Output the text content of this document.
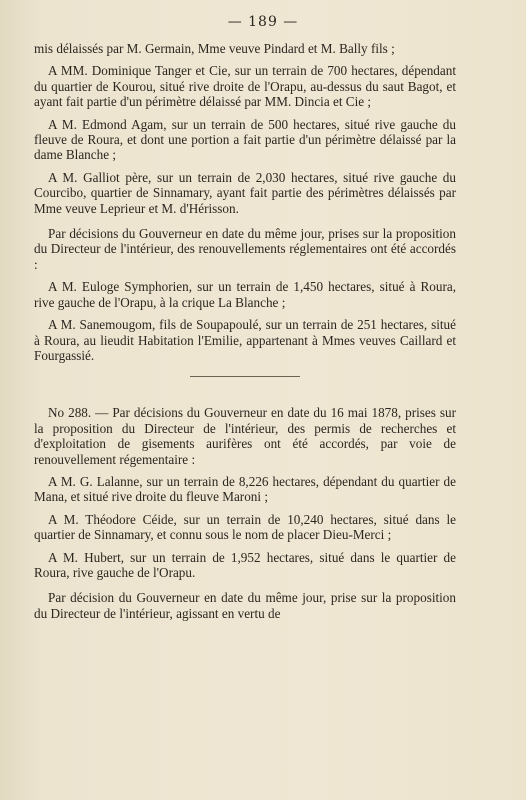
— 189 —

mis délaissés par M. Germain, Mme veuve Pindard et M. Bally fils ;

A MM. Dominique Tanger et Cie, sur un terrain de 700 hectares, dépendant du quartier de Kourou, situé rive droite de l'Orapu, au-dessus du saut Bagot, et ayant fait partie d'un périmètre délaissé par MM. Dincia et Cie ;

A M. Edmond Agam, sur un terrain de 500 hectares, situé rive gauche du fleuve de Roura, et dont une portion a fait partie d'un périmètre délaissé par la dame Blanche ;

A M. Galliot père, sur un terrain de 2,030 hectares, situé rive gauche du Courcibo, quartier de Sinnamary, ayant fait partie des périmètres délaissés par Mme veuve Leprieur et M. d'Hérisson.

Par décisions du Gouverneur en date du même jour, prises sur la proposition du Directeur de l'intérieur, des renouvellements réglementaires ont été accordés :

A M. Euloge Symphorien, sur un terrain de 1,450 hectares, situé à Roura, rive gauche de l'Orapu, à la crique La Blanche ;

A M. Sanemougom, fils de Soupapoulé, sur un terrain de 251 hectares, situé à Roura, au lieudit Habitation l'Emilie, appartenant à Mmes veuves Caillard et Fourgassié.

No 288. — Par décisions du Gouverneur en date du 16 mai 1878, prises sur la proposition du Directeur de l'intérieur, des permis de recherches et d'exploitation de gisements aurifères ont été accordés, par voie de renouvellement régementaire :

A M. G. Lalanne, sur un terrain de 8,226 hectares, dépendant du quartier de Mana, et situé rive droite du fleuve Maroni ;

A M. Théodore Céide, sur un terrain de 10,240 hectares, situé dans le quartier de Sinnamary, et connu sous le nom de placer Dieu-Merci ;

A M. Hubert, sur un terrain de 1,952 hectares, situé dans le quartier de Roura, rive gauche de l'Orapu.

Par décision du Gouverneur en date du même jour, prise sur la proposition du Directeur de l'intérieur, agissant en vertu de
